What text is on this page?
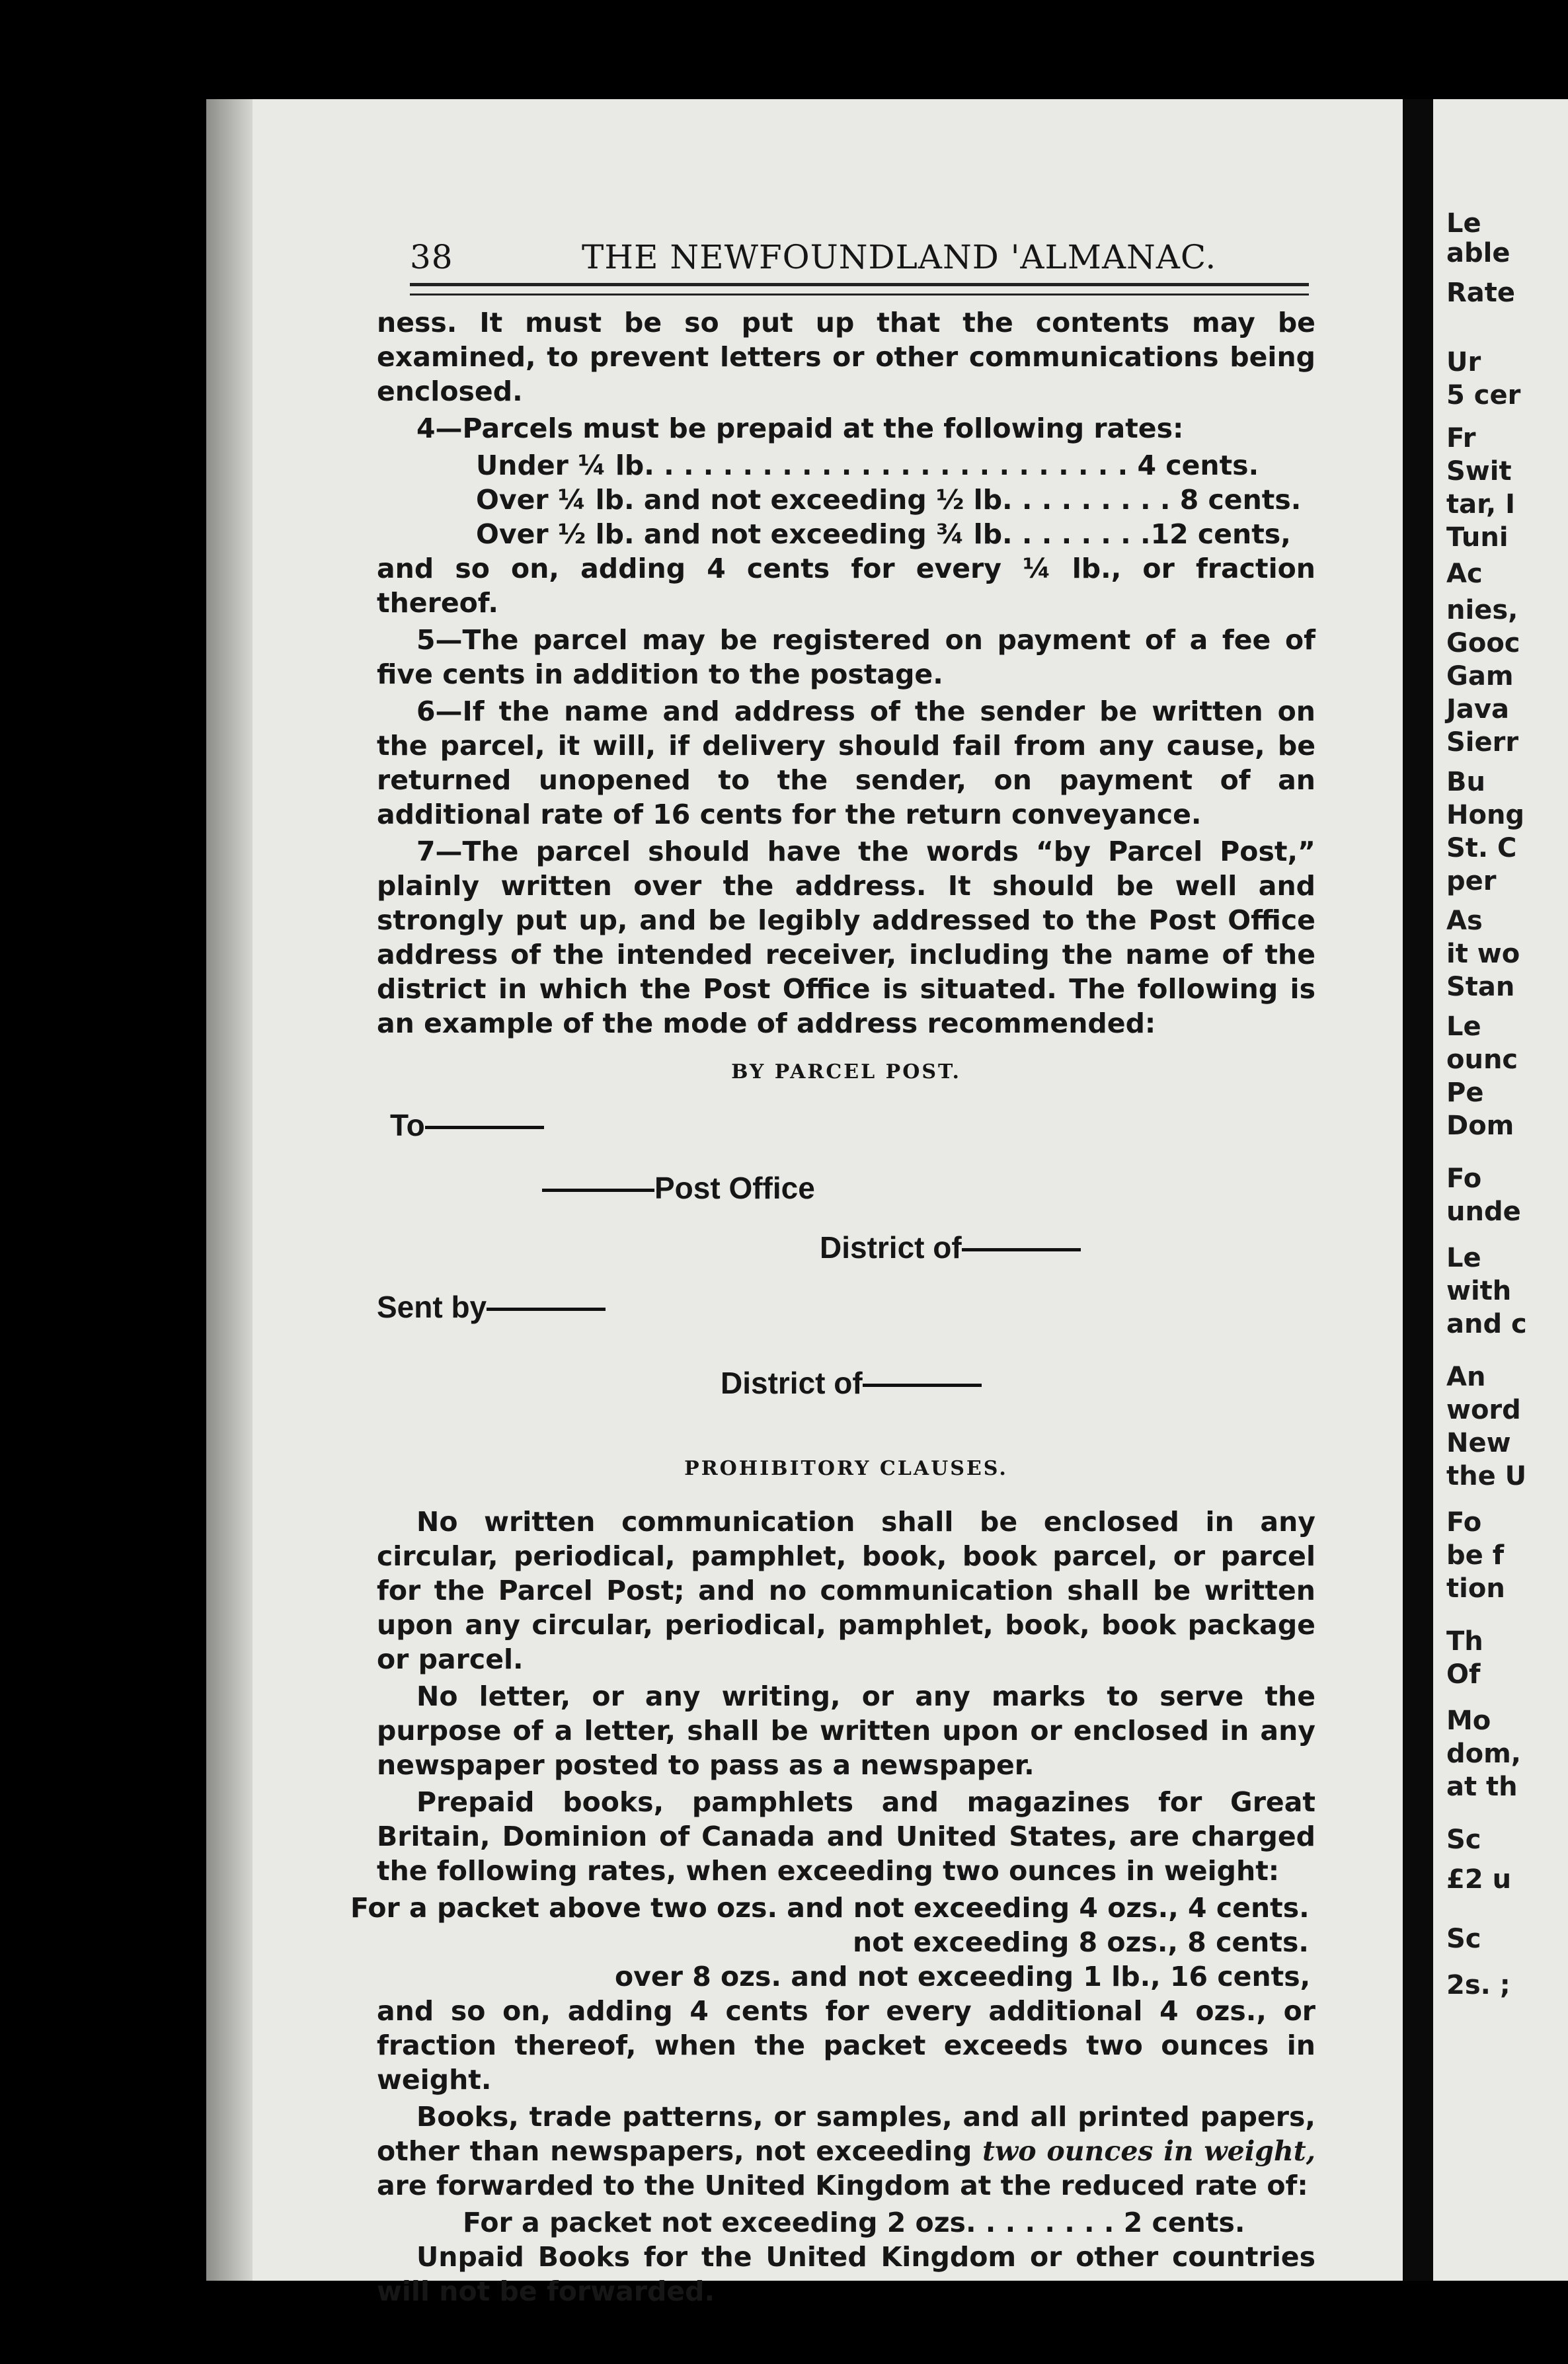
Le
able
Rate
Ur
5 cer
Fr
Swit
tar, I
Tuni
Ac
nies,
Gooc
Gam
Java
Sierr
Bu
Hong
St. C
per
As
it wo
Stan
Le
ounc
Pe
Dom
Fo
unde
Le
with
and c
An
word
New
the U
Fo
be f
tion
Th
Of
Mo
dom,
at th
Sc
£2 u
Sc
2s. ;
38	THE NEWFOUNDLAND 'ALMANAC.

ness. It must be so put up that the contents may be examined, to prevent letters or other communications being enclosed.

4—Parcels must be prepaid at the following rates:

Under ¼ lb. . . . . . . . . . . . . . . . . . . . . . . . . 4 cents.
Over ¼ lb. and not exceeding ½ lb. . . . . . . . . 8 cents.
Over ½ lb. and not exceeding ¾ lb. . . . . . . .12 cents,

and so on, adding 4 cents for every ¼ lb., or fraction thereof.

5—The parcel may be registered on payment of a fee of five cents in addition to the postage.

6—If the name and address of the sender be written on the parcel, it will, if delivery should fail from any cause, be returned unopened to the sender, on payment of an additional rate of 16 cents for the return conveyance.

7—The parcel should have the words “by Parcel Post,” plainly written over the address. It should be well and strongly put up, and be legibly addressed to the Post Office address of the intended receiver, including the name of the district in which the Post Office is situated. The following is an example of the mode of address recommended:

BY PARCEL POST.
To
Post Office
District of
Sent by
District of
PROHIBITORY CLAUSES.

No written communication shall be enclosed in any circular, periodical, pamphlet, book, book parcel, or parcel for the Parcel Post; and no communication shall be written upon any circular, periodical, pamphlet, book, book package or parcel.

No letter, or any writing, or any marks to serve the purpose of a letter, shall be written upon or enclosed in any newspaper posted to pass as a newspaper.

Prepaid books, pamphlets and magazines for Great Britain, Dominion of Canada and United States, are charged the following rates, when exceeding two ounces in weight:

For a packet above two ozs. and not exceeding 4 ozs., 4 cents.
not exceeding 8 ozs., 8 cents.
over 8 ozs. and not exceeding 1 lb., 16 cents,

and so on, adding 4 cents for every additional 4 ozs., or fraction thereof, when the packet exceeds two ounces in weight.

Books, trade patterns, or samples, and all printed papers, other than newspapers, not exceeding two ounces in weight, are forwarded to the United Kingdom at the reduced rate of:

For a packet not exceeding 2 ozs. . . . . . . . 2 cents.

Unpaid Books for the United Kingdom or other countries will not be forwarded.
